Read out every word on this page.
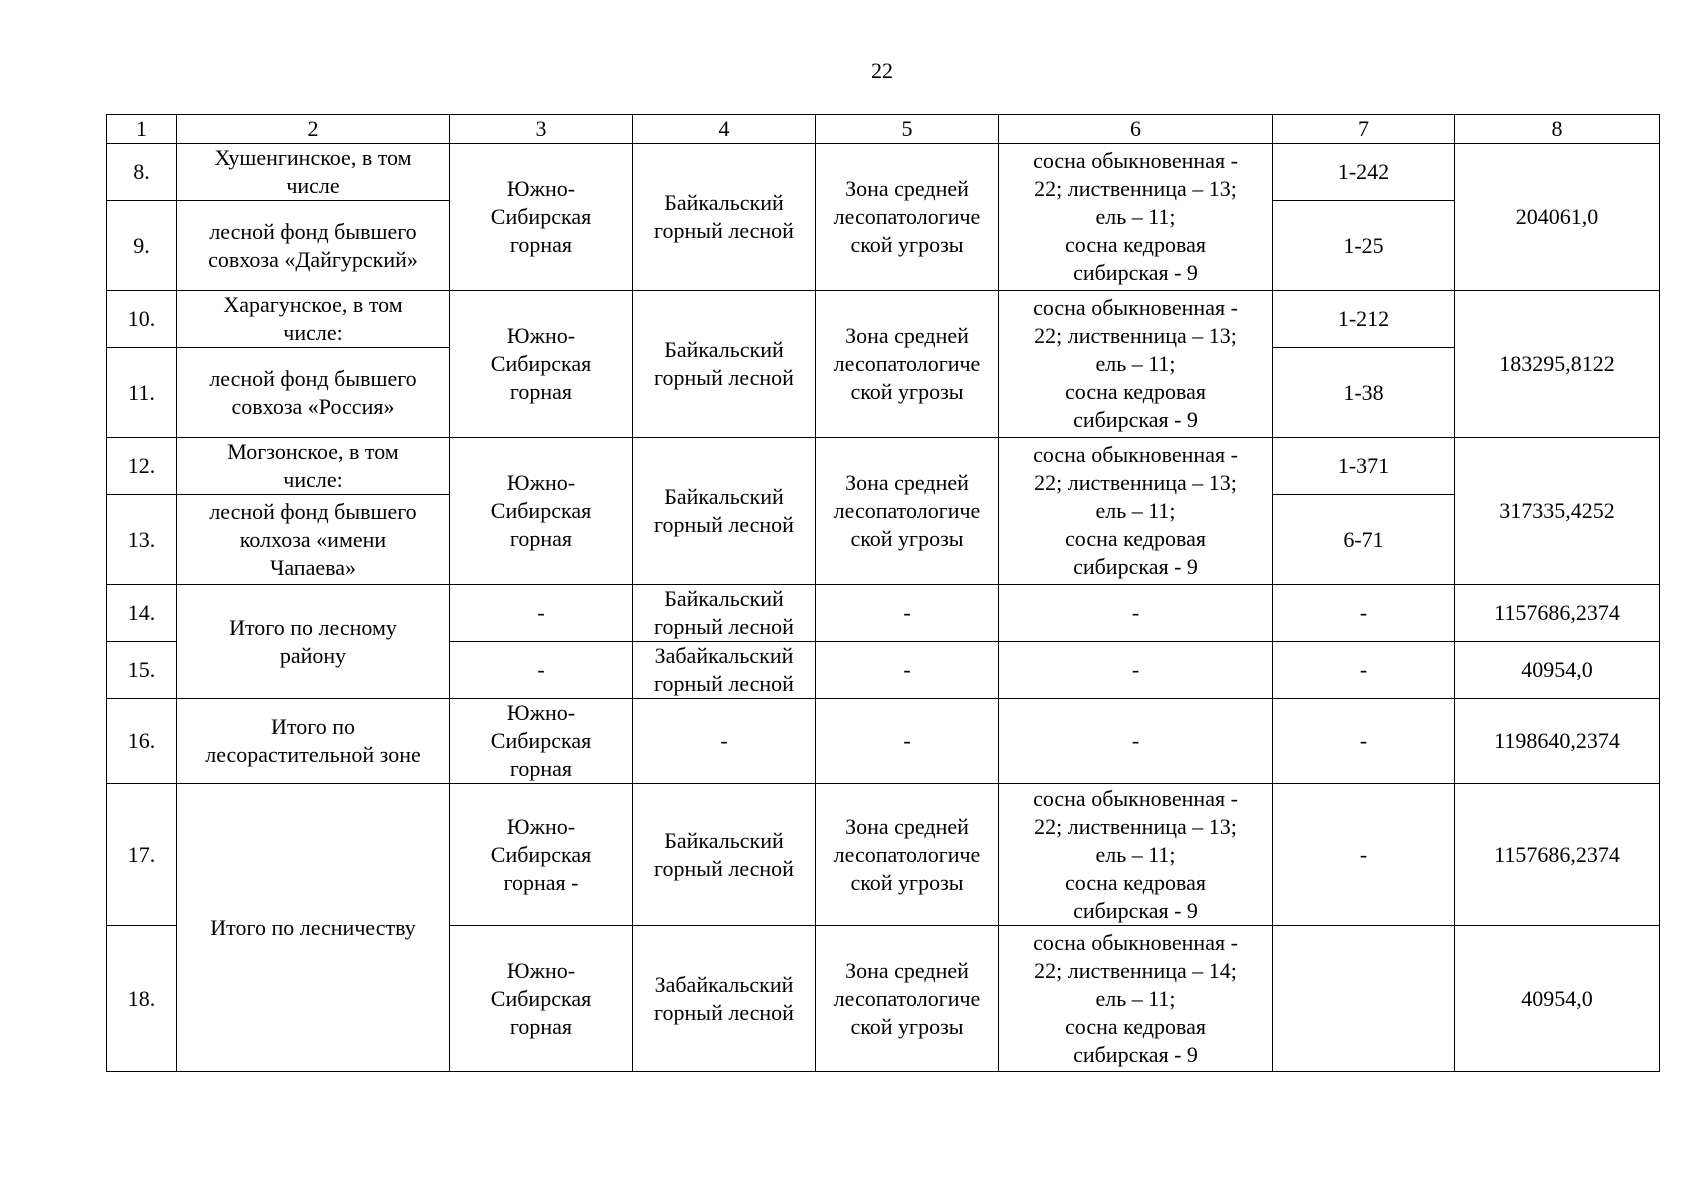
22
1	2	3	4	5	6	7	8
8.	Хушенгинское, в том
числе	Южно-
Сибирская
горная	Байкальский
горный лесной	Зона средней
лесопатологиче
ской угрозы	сосна обыкновенная -
22; лиственница – 13;
ель – 11;
сосна кедровая
сибирская - 9	1-242	204061,0
9.	лесной фонд бывшего
совхоза «Дайгурский»					1-25	
10.	Харагунское, в том
числе:	Южно-
Сибирская
горная	Байкальский
горный лесной	Зона средней
лесопатологиче
ской угрозы	сосна обыкновенная -
22; лиственница – 13;
ель – 11;
сосна кедровая
сибирская - 9	1-212	183295,8122
11.	лесной фонд бывшего
совхоза «Россия»					1-38	
12.	Могзонское, в том
числе:	Южно-
Сибирская
горная	Байкальский
горный лесной	Зона средней
лесопатологиче
ской угрозы	сосна обыкновенная -
22; лиственница – 13;
ель – 11;
сосна кедровая
сибирская - 9	1-371	317335,4252
13.	лесной фонд бывшего
колхоза «имени
Чапаева»					6-71	
14.	Итого по лесному
району	-	Байкальский
горный лесной	-	-	-	1157686,2374
15.		-	Забайкальский
горный лесной	-	-	-	40954,0
16.	Итого по
лесорастительной зоне	Южно-
Сибирская
горная	-	-	-	-	1198640,2374
17.	Итого по лесничеству	Южно-
Сибирская
горная -	Байкальский
горный лесной	Зона средней
лесопатологиче
ской угрозы	сосна обыкновенная -
22; лиственница – 13;
ель – 11;
сосна кедровая
сибирская - 9	-	1157686,2374
18.		Южно-
Сибирская
горная	Забайкальский
горный лесной	Зона средней
лесопатологиче
ской угрозы	сосна обыкновенная -
22; лиственница – 14;
ель – 11;
сосна кедровая
сибирская - 9		40954,0
